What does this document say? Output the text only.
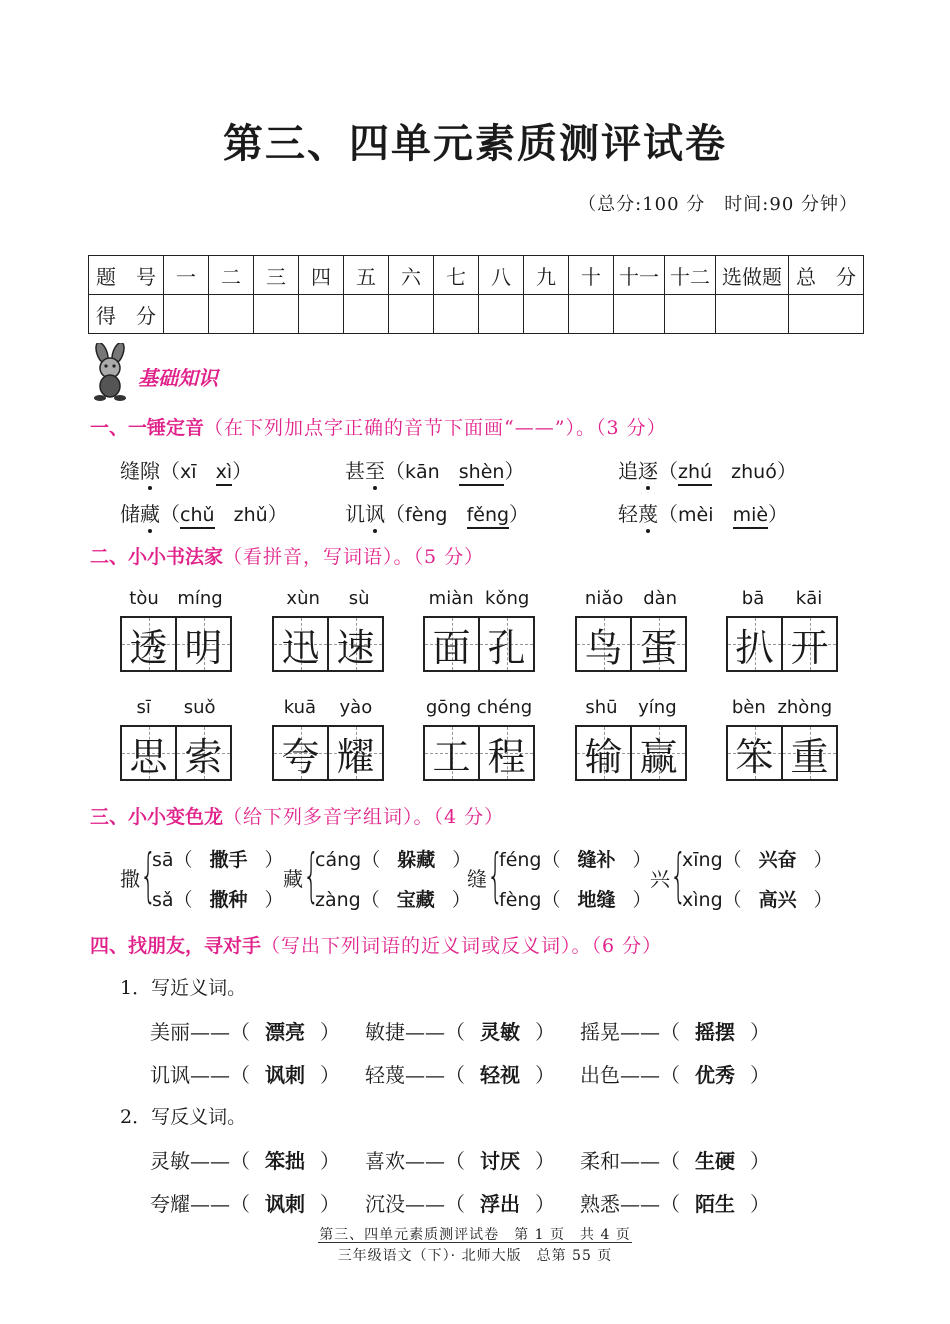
第三、四单元素质测评试卷
（总分:100 分　时间:90 分钟）
题　号	一	二	三	四	五	六	七	八	九	十	十一	十二	选做题	总　分
得　分														
基础知识
一、一锤定音（在下列加点字正确的音节下面画“——”）。（3 分）
缝隙（xī xì）	甚至（kān shèn）	追逐（zhú zhuó）
储藏（chǔ zhǔ）	讥讽（fèng fěng）	轻蔑（mèi miè）
二、小小书法家（看拼音，写词语）。（5 分）
tòu míng
透 明
xùn sù
迅 速
miàn kǒng
面 孔
niǎo dàn
鸟 蛋
bā kāi
扒 开
sī suǒ
思 索
kuā yào
夸 耀
gōng chéng
工 程
shū yíng
输 赢
bèn zhòng
笨 重
三、小小变色龙（给下列多音字组词）。（4 分）
撒 {
sā（ 撒手 ）
sǎ（ 撒种 ）
藏 {
cáng（ 躲藏 ）
zàng（ 宝藏 ）
缝 {
féng（ 缝补 ）
fèng（ 地缝 ）
兴 {
xīng（ 兴奋 ）
xìng（ 高兴 ）
四、找朋友，寻对手（写出下列词语的近义词或反义词）。（6 分）
1．写近义词。
美丽——（ 漂亮 ） 敏捷——（ 灵敏 ） 摇晃——（ 摇摆 ）
讥讽——（ 讽刺 ） 轻蔑——（ 轻视 ） 出色——（ 优秀 ）
2．写反义词。
灵敏——（ 笨拙 ） 喜欢——（ 讨厌 ） 柔和——（ 生硬 ）
夸耀——（ 讽刺 ） 沉没——（ 浮出 ） 熟悉——（ 陌生 ）
第三、四单元素质测评试卷　第 1 页　共 4 页
三年级语文（下）· 北师大版　总第 55 页
